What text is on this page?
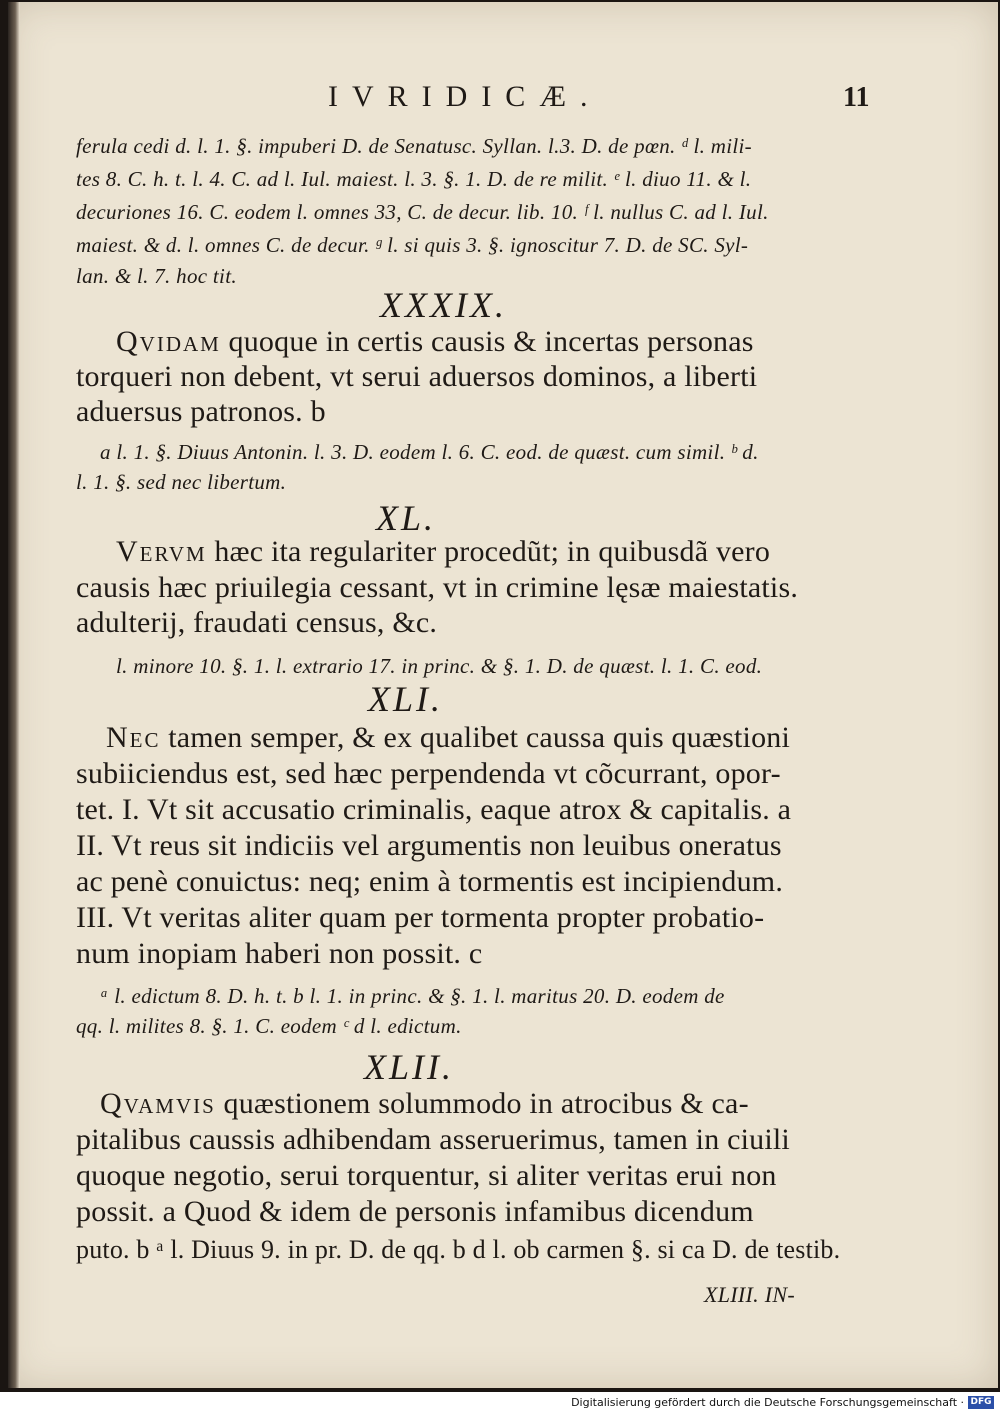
IVRIDICÆ.	11
ferula cedi d. l. 1. §. impuberi D. de Senatusc. Syllan. l.3. D. de pœn. ᵈ l. mili-
tes 8. C. h. t. l. 4. C. ad l. Iul. maiest. l. 3. §. 1. D. de re milit. ᵉ l. diuo 11. & l.
decuriones 16. C. eodem l. omnes 33, C. de decur. lib. 10. ᶠ l. nullus C. ad l. Iul.
maiest. & d. l. omnes C. de decur. ᵍ l. si quis 3. §. ignoscitur 7. D. de SC. Syl-
lan. & l. 7. hoc tit.
XXXIX.
Qvidam quoque in certis causis & incertas personas
torqueri non debent, vt serui aduersos dominos, a liberti
aduersus patronos. b
a l. 1. §. Diuus Antonin. l. 3. D. eodem l. 6. C. eod. de quæst. cum simil. ᵇ d.
l. 1. §. sed nec libertum.
XL.
Vervm hæc ita regulariter procedũt; in quibusdã vero
causis hæc priuilegia cessant, vt in crimine lęsæ maiestatis.
adulterij, fraudati census, &c.
l. minore 10. §. 1. l. extrario 17. in princ. & §. 1. D. de quæst. l. 1. C. eod.
XLI.
Nec tamen semper, & ex qualibet caussa quis quæstioni
subiiciendus est, sed hæc perpendenda vt cõcurrant, opor-
tet. I. Vt sit accusatio criminalis, eaque atrox & capitalis. a
II. Vt reus sit indiciis vel argumentis non leuibus oneratus
ac penè conuictus: neq; enim à tormentis est incipiendum.
III. Vt veritas aliter quam per tormenta propter probatio-
num inopiam haberi non possit. c
ᵃ l. edictum 8. D. h. t. b l. 1. in princ. & §. 1. l. maritus 20. D. eodem de
qq. l. milites 8. §. 1. C. eodem ᶜ d l. edictum.
XLII.
Qvamvis quæstionem solummodo in atrocibus & ca-
pitalibus caussis adhibendam asseruerimus, tamen in ciuili
quoque negotio, serui torquentur, si aliter veritas erui non
possit. a Quod & idem de personis infamibus dicendum
puto. b ᵃ l. Diuus 9. in pr. D. de qq. b d l. ob carmen §. si ca D. de testib.
XLIII. IN-
Digitalisierung gefördert durch die Deutsche Forschungsgemeinschaft · DFG
